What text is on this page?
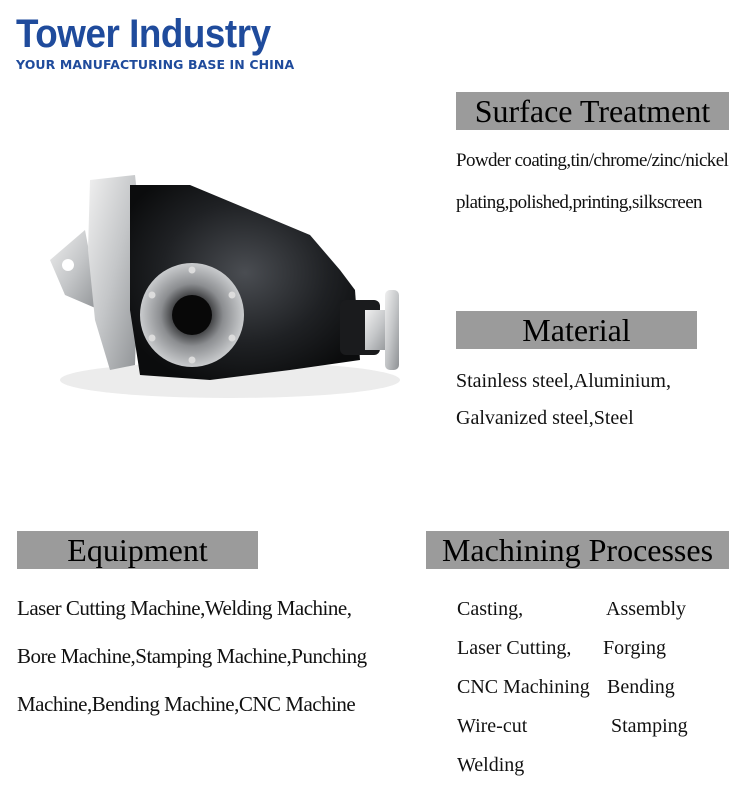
Tower Industry
YOUR MANUFACTURING BASE IN CHINA
Surface Treatment
Powder coating,tin/chrome/zinc/nickel
plating,polished,printing,silkscreen
Material
Stainless steel,Aluminium,
Galvanized steel,Steel
Equipment
Laser Cutting Machine,Welding Machine,
Bore Machine,Stamping Machine,Punching
Machine,Bending Machine,CNC Machine
Machining Processes
Casting,	Assembly
Laser Cutting, Forging
CNC Machining Bending
Wire-cut	Stamping
Welding
